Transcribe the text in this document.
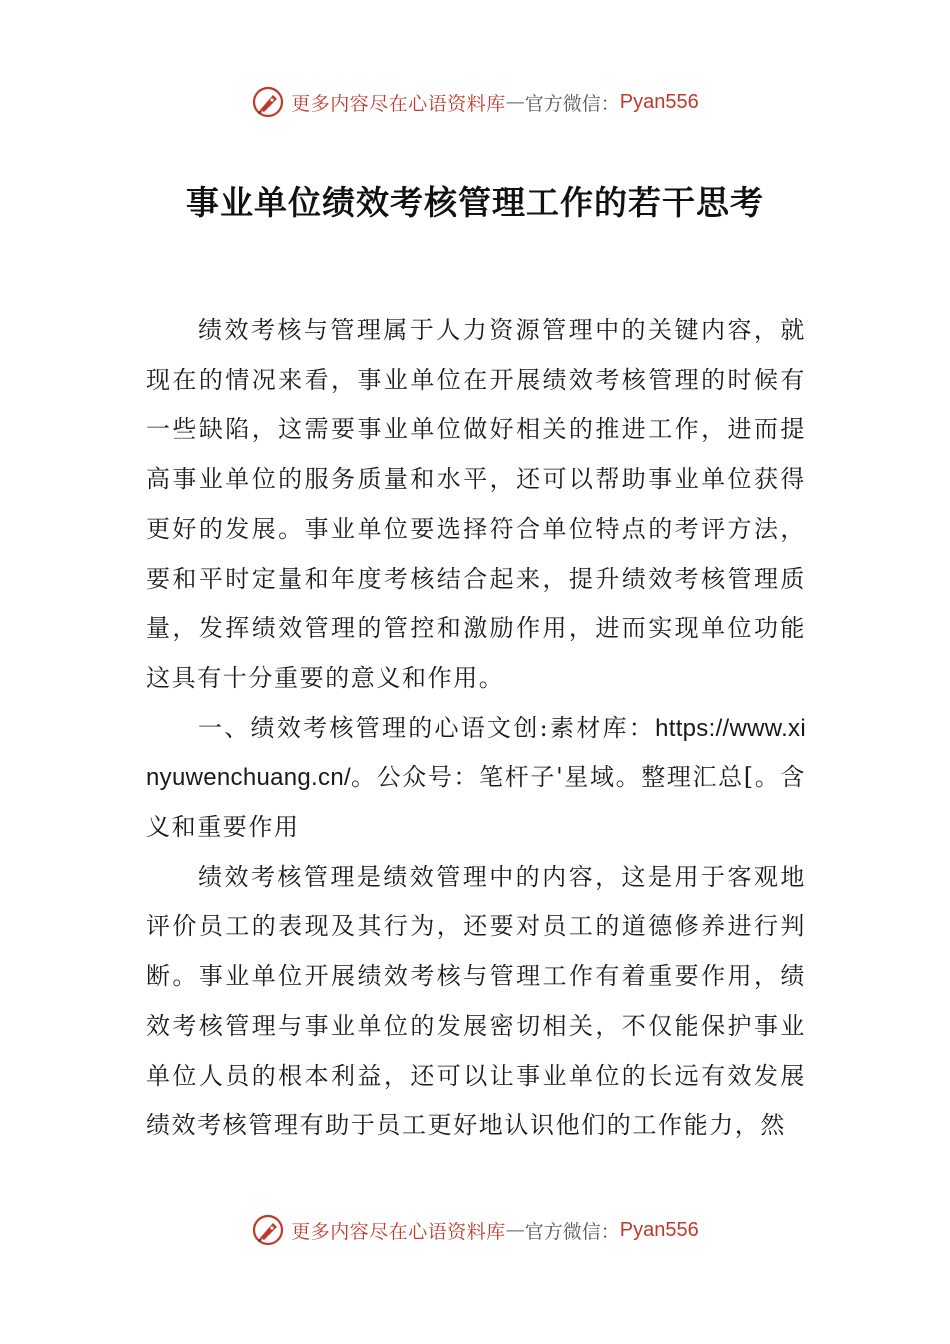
更多内容尽在心语资料库 — 官方微信： Pyan556
事业单位绩效考核管理工作的若干思考

绩效考核与管理属于人力资源管理中的关键内容，就现在的情况来看，事业单位在开展绩效考核管理的时候有一些缺陷，这需要事业单位做好相关的推进工作，进而提高事业单位的服务质量和水平，还可以帮助事业单位获得更好的发展。事业单位要选择符合单位特点的考评方法，要和平时定量和年度考核结合起来，提升绩效考核管理质量，发挥绩效管理的管控和激励作用，进而实现单位功能这具有十分重要的意义和作用。

一、绩效考核管理的心语文创:素材库：https://www.xinyuwenchuang.cn/。公众号：笔杆子'星域。整理汇总[。含义和重要作用

绩效考核管理是绩效管理中的内容，这是用于客观地评价员工的表现及其行为，还要对员工的道德修养进行判断。事业单位开展绩效考核与管理工作有着重要作用，绩效考核管理与事业单位的发展密切相关，不仅能保护事业单位人员的根本利益，还可以让事业单位的长远有效发展绩效考核管理有助于员工更好地认识他们的工作能力，然

更多内容尽在心语资料库 — 官方微信： Pyan556
